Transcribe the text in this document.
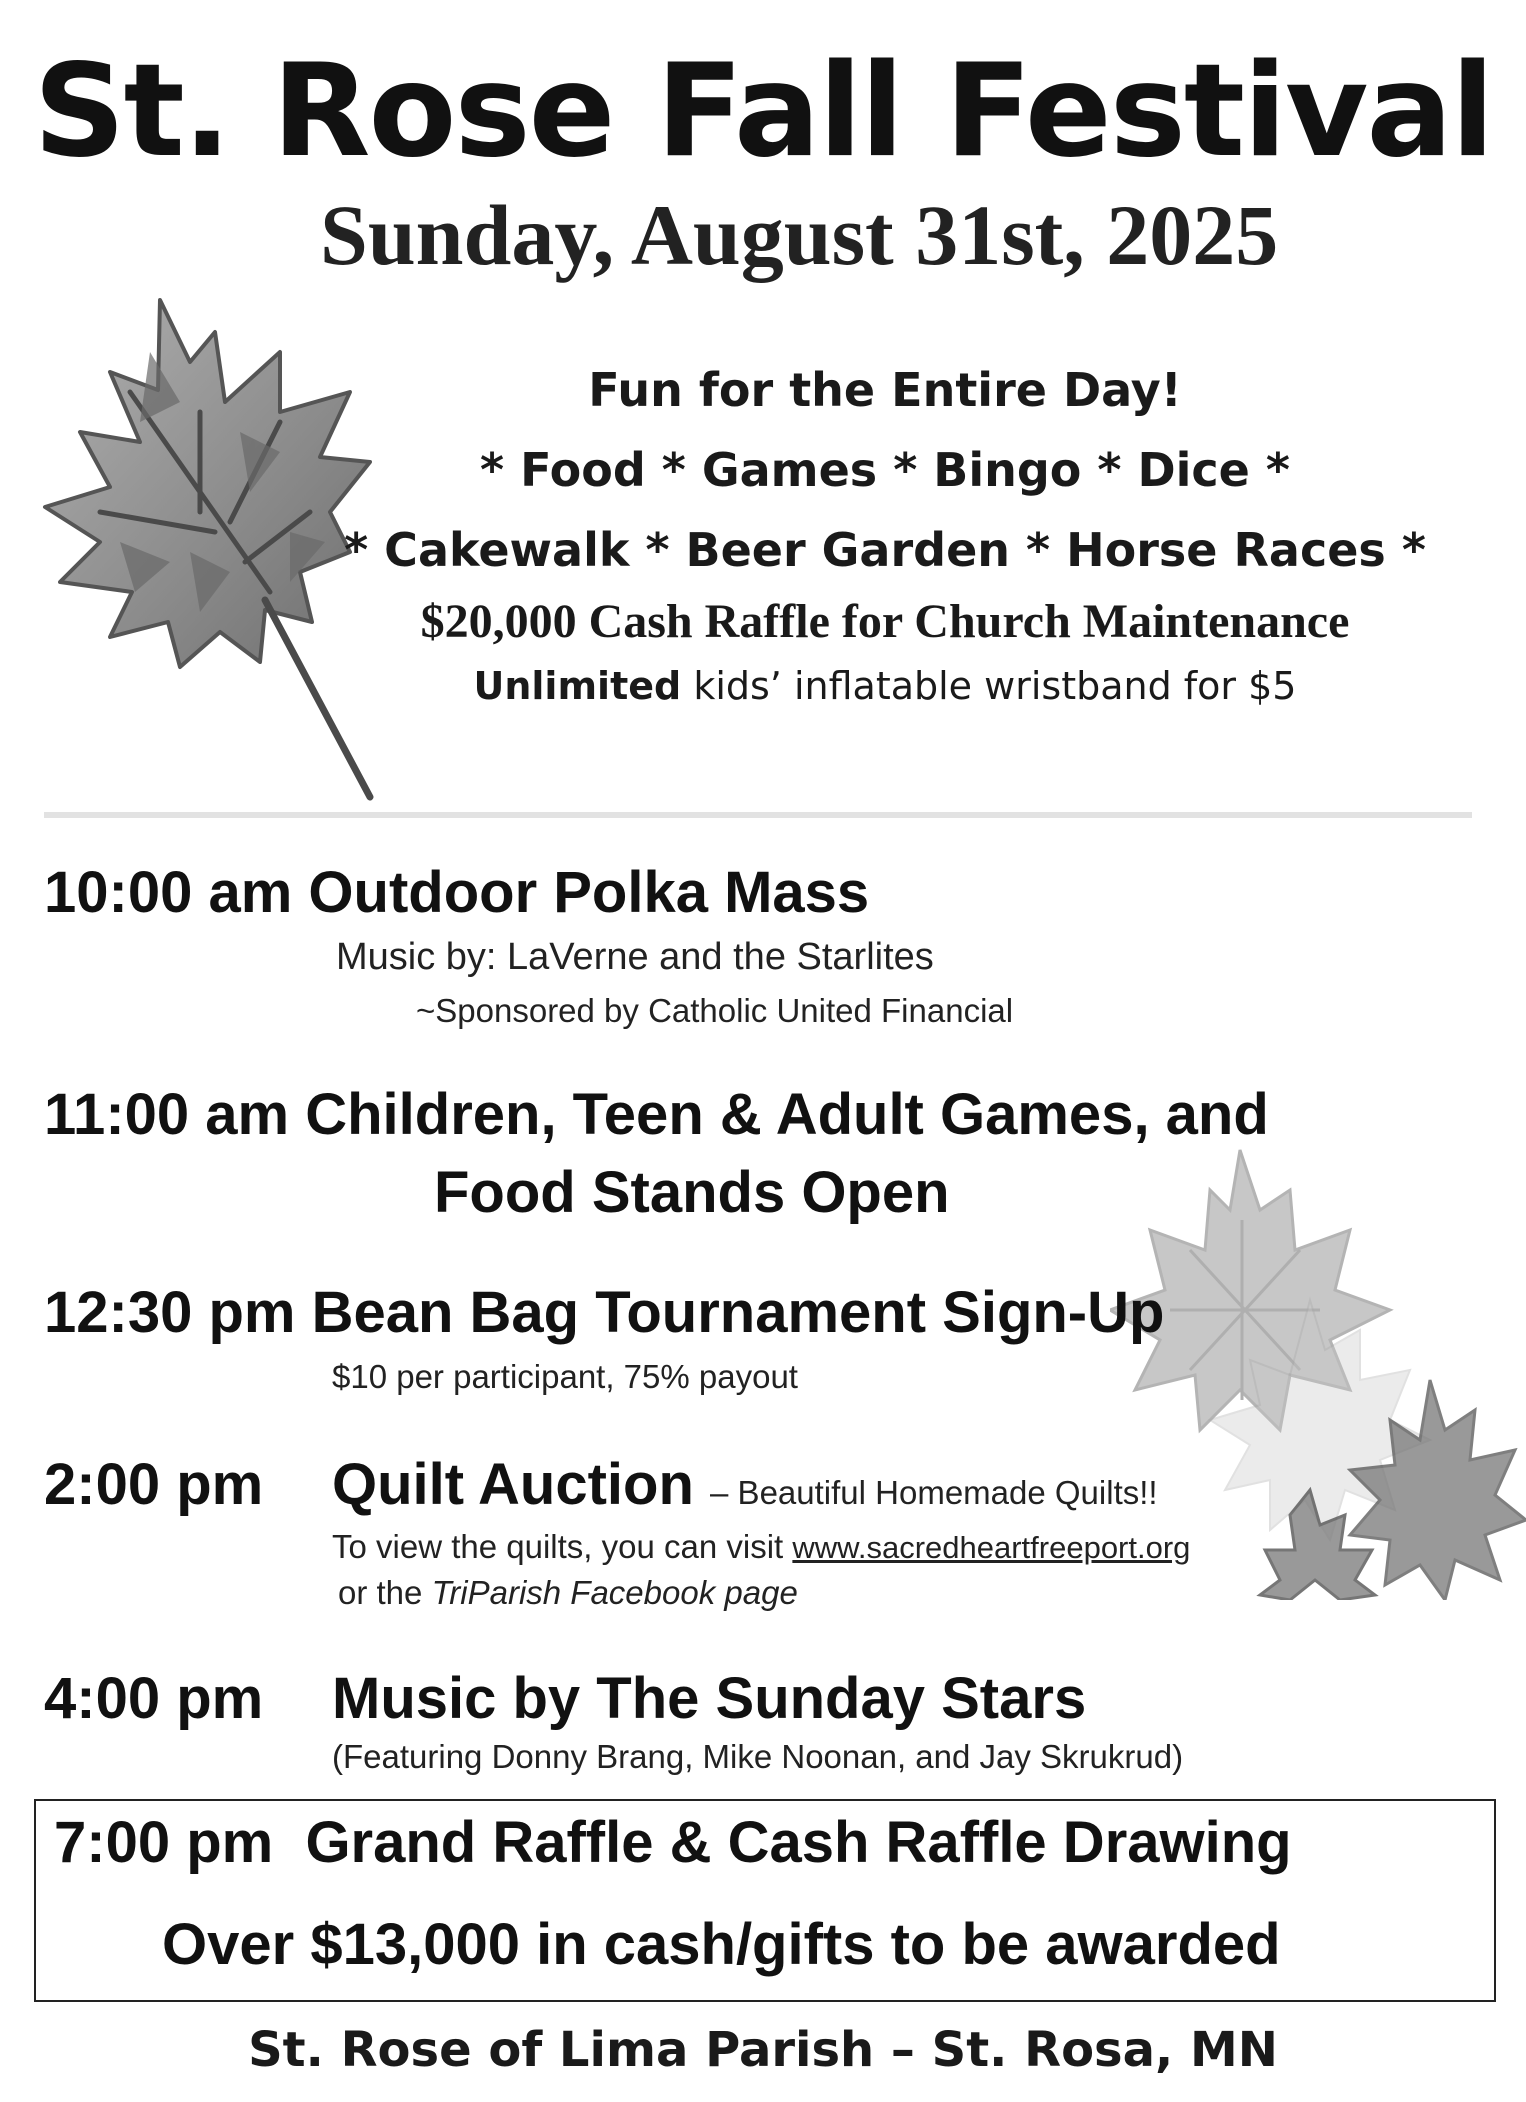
St. Rose Fall Festival
Sunday, August 31st, 2025
Fun for the Entire Day!
* Food * Games * Bingo * Dice *
* Cakewalk * Beer Garden * Horse Races *
$20,000 Cash Raffle for Church Maintenance
Unlimited kids’ inflatable wristband for $5
10:00 am Outdoor Polka Mass
Music by: LaVerne and the Starlites
~Sponsored by Catholic United Financial
11:00 am Children, Teen & Adult Games, and
Food Stands Open
12:30 pm Bean Bag Tournament Sign-Up
$10 per participant, 75% payout
2:00 pm Quilt Auction – Beautiful Homemade Quilts!!
To view the quilts, you can visit www.sacredheartfreeport.org
or the TriParish Facebook page
4:00 pm Music by The Sunday Stars
(Featuring Donny Brang, Mike Noonan, and Jay Skrukrud)
7:00 pm Grand Raffle & Cash Raffle Drawing
Over $13,000 in cash/gifts to be awarded
St. Rose of Lima Parish – St. Rosa, MN
